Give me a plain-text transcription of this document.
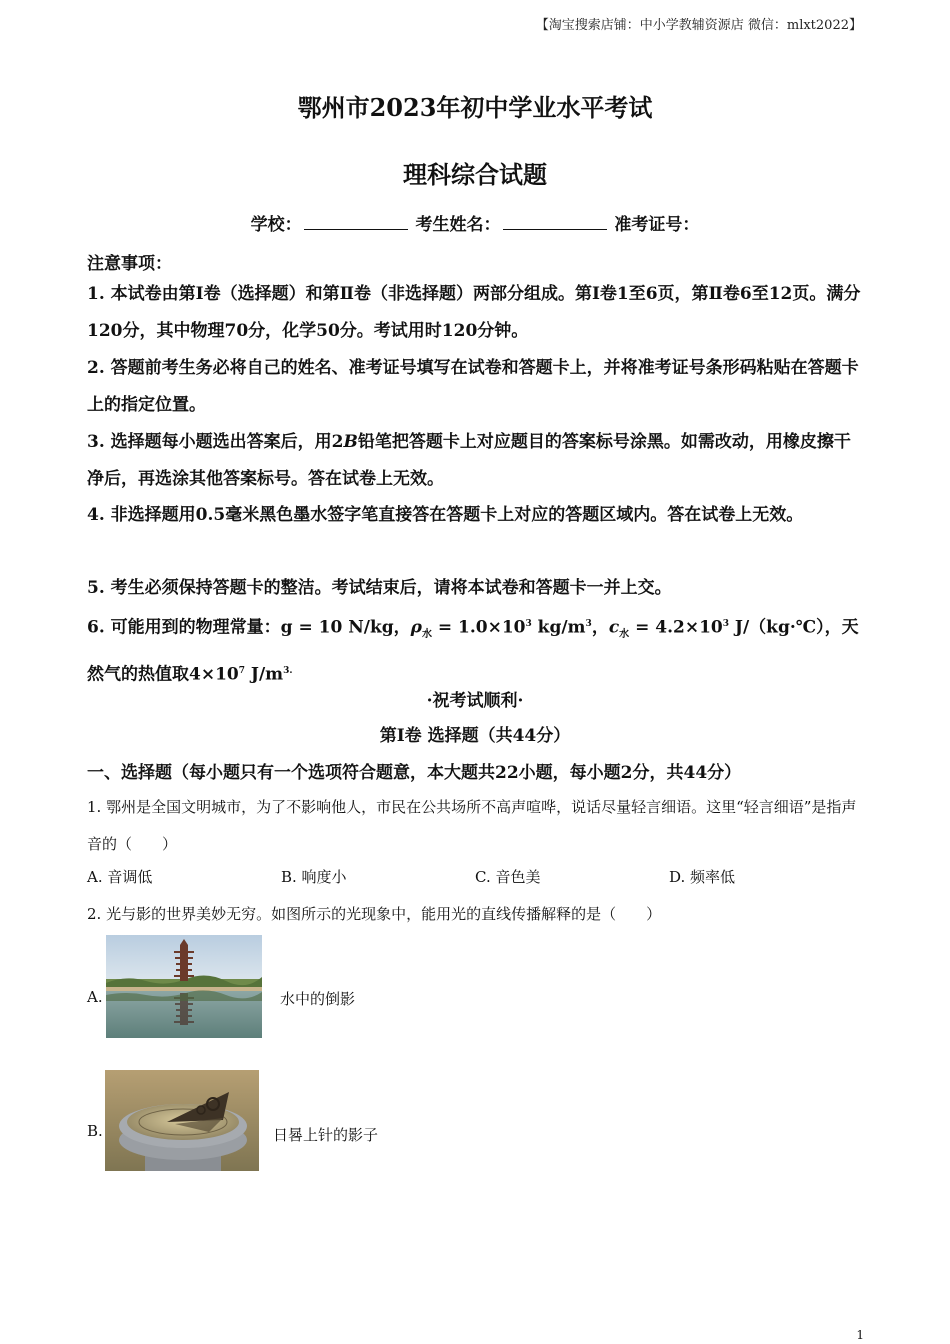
【淘宝搜索店铺：中小学教辅资源店 微信：mlxt2022】
鄂州市2023年初中学业水平考试
理科综合试题
学校：	考生姓名：	准考证号：
注意事项：
1. 本试卷由第Ⅰ卷（选择题）和第Ⅱ卷（非选择题）两部分组成。第Ⅰ卷1至6页，第Ⅱ卷6至12页。满分120分，其中物理70分，化学50分。考试用时120分钟。
2. 答题前考生务必将自己的姓名、准考证号填写在试卷和答题卡上，并将准考证号条形码粘贴在答题卡上的指定位置。
3. 选择题每小题选出答案后，用2B铅笔把答题卡上对应题目的答案标号涂黑。如需改动，用橡皮擦干净后，再选涂其他答案标号。答在试卷上无效。
4. 非选择题用0.5毫米黑色墨水签字笔直接答在答题卡上对应的答题区域内。答在试卷上无效。
5. 考生必须保持答题卡的整洁。考试结束后，请将本试卷和答题卡一并上交。
6. 可能用到的物理常量：g = 10 N/kg，$\rho_水 = 1.0\times 10^3$ $kg/m^3$，$c_水 = 4.2\times 10^3$ J/（kg·℃），天然气的热值取$4\times 10^7$ $J/m^{3.}$
·祝考试顺利·
第Ⅰ卷 选择题（共44分）
一、选择题（每小题只有一个选项符合题意，本大题共22小题，每小题2分，共44分）
1. 鄂州是全国文明城市，为了不影响他人，市民在公共场所不高声喧哗，说话尽量轻言细语。这里“轻言细语”是指声音的（　　）
A. 音调低	B. 响度小	C. 音色美	D. 频率低
2. 光与影的世界美妙无穷。如图所示的光现象中，能用光的直线传播解释的是（　　）
A.	水中的倒影
B.	日晷上针的影子
1
